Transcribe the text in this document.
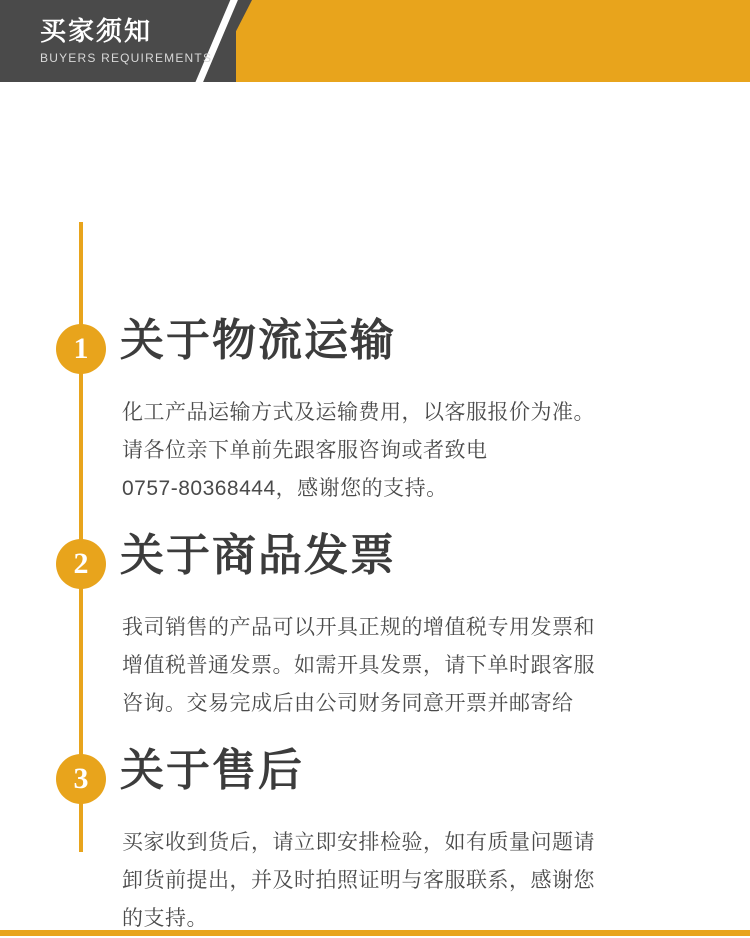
买家须知
BUYERS REQUIREMENTS
1 关于物流运输

化工产品运输方式及运输费用，以客服报价为准。

请各位亲下单前先跟客服咨询或者致电

0757-80368444，感谢您的支持。

2 关于商品发票

我司销售的产品可以开具正规的增值税专用发票和

增值税普通发票。如需开具发票，请下单时跟客服

咨询。交易完成后由公司财务同意开票并邮寄给

3 关于售后

买家收到货后，请立即安排检验，如有质量问题请

卸货前提出，并及时拍照证明与客服联系，感谢您

的支持。
